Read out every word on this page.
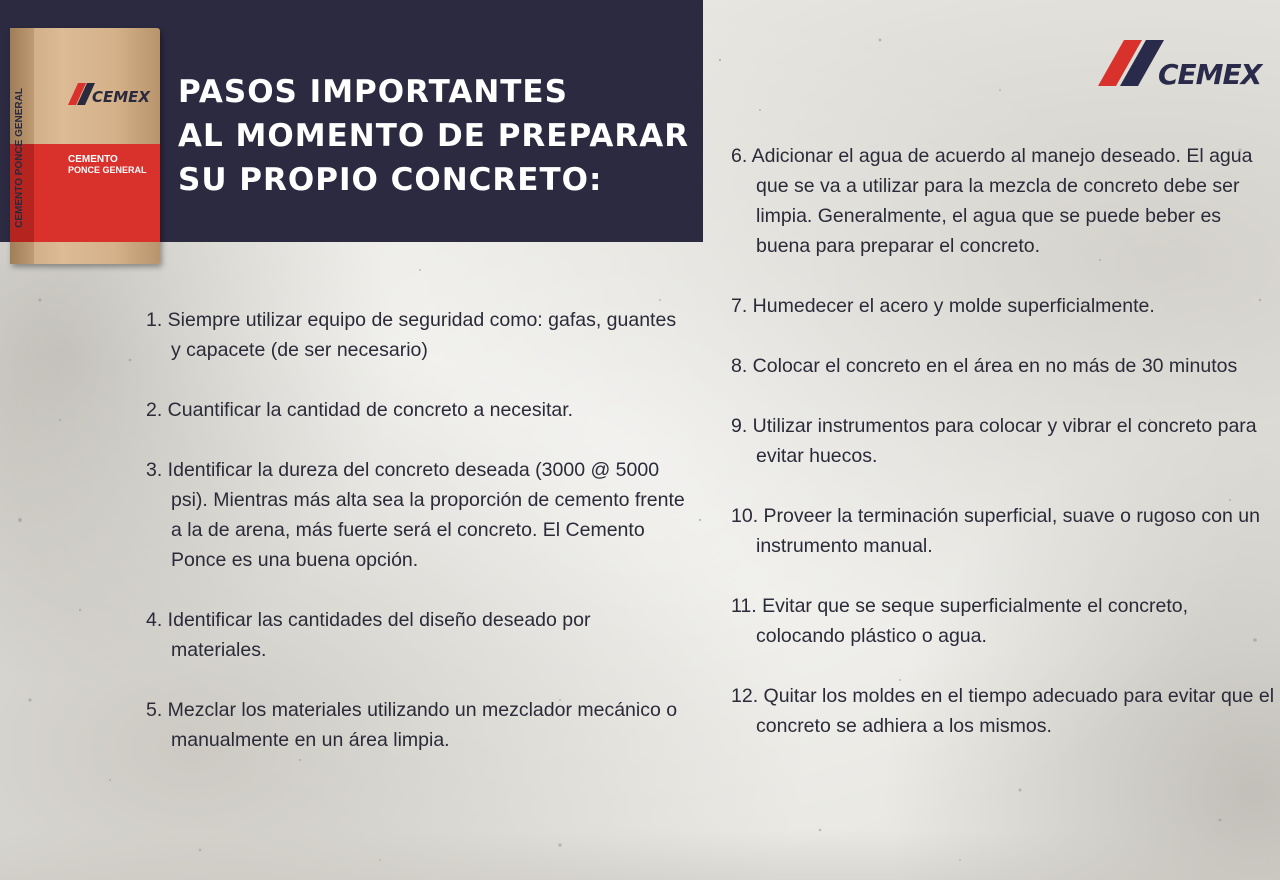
PASOS IMPORTANTES
AL MOMENTO DE PREPARAR
SU PROPIO CONCRETO:
CEMEX
CEMENTO PONCE GENERAL	CEMENTO
PONCE GENERAL
CEMEX
1. Siempre utilizar equipo de seguridad como: gafas, guantes y capacete (de ser necesario)
2. Cuantificar la cantidad de concreto a necesitar.
3. Identificar la dureza del concreto deseada (3000 @ 5000 psi). Mientras más alta sea la proporción de cemento frente a la de arena, más fuerte será el concreto. El Cemento Ponce es una buena opción.
4. Identificar las cantidades del diseño deseado por materiales.
5. Mezclar los materiales utilizando un mezclador mecánico o manualmente en un área limpia.
6. Adicionar el agua de acuerdo al manejo deseado. El agua que se va a utilizar para la mezcla de concreto debe ser limpia. Generalmente, el agua que se puede beber es buena para preparar el concreto.
7. Humedecer el acero y molde superficialmente.
8. Colocar el concreto en el área en no más de 30 minutos
9. Utilizar instrumentos para colocar y vibrar el concreto para evitar huecos.
10. Proveer la terminación superficial, suave o rugoso con un instrumento manual.
11. Evitar que se seque superficialmente el concreto, colocando plástico o agua.
12. Quitar los moldes en el tiempo adecuado para evitar que el concreto se adhiera a los mismos.
